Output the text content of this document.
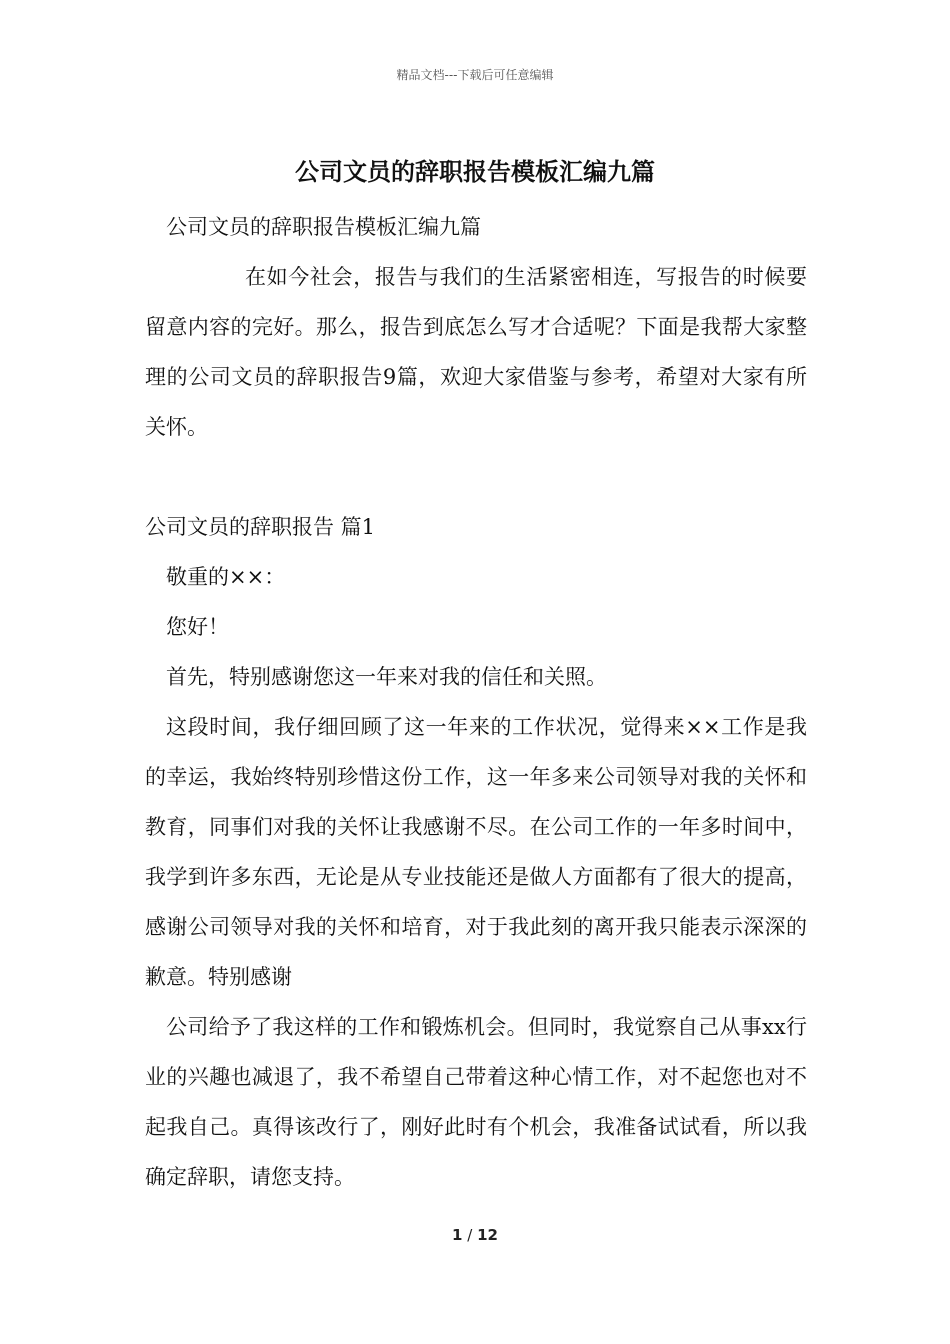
精品文档---下载后可任意编辑
公司文员的辞职报告模板汇编九篇

公司文员的辞职报告模板汇编九篇

在如今社会，报告与我们的生活紧密相连，写报告的时候要留意内容的完好。那么，报告到底怎么写才合适呢？下面是我帮大家整理的公司文员的辞职报告9篇，欢迎大家借鉴与参考，希望对大家有所关怀。

公司文员的辞职报告 篇1

敬重的××：

您好！

首先，特别感谢您这一年来对我的信任和关照。

这段时间，我仔细回顾了这一年来的工作状况，觉得来××工作是我的幸运，我始终特别珍惜这份工作，这一年多来公司领导对我的关怀和教育，同事们对我的关怀让我感谢不尽。在公司工作的一年多时间中，我学到许多东西，无论是从专业技能还是做人方面都有了很大的提高，感谢公司领导对我的关怀和培育，对于我此刻的离开我只能表示深深的歉意。特别感谢

公司给予了我这样的工作和锻炼机会。但同时，我觉察自己从事xx行业的兴趣也减退了，我不希望自己带着这种心情工作，对不起您也对不起我自己。真得该改行了，刚好此时有个机会，我准备试试看，所以我确定辞职，请您支持。

1 / 12
